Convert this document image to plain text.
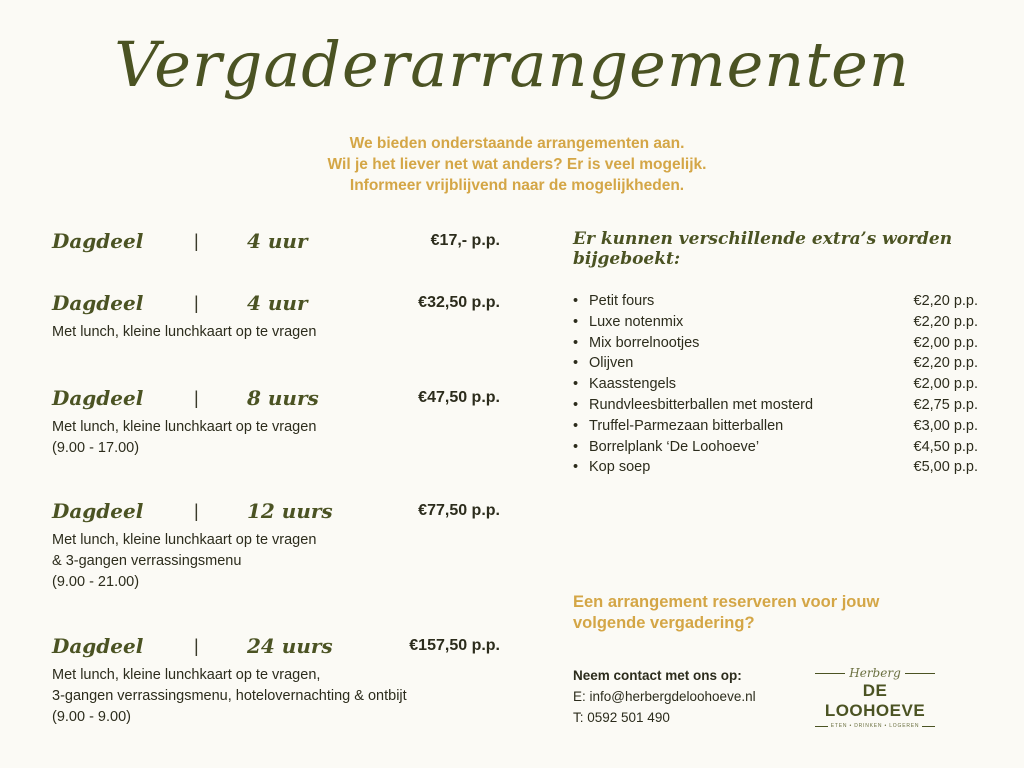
Vergaderarrangementen
We bieden onderstaande arrangementen aan.
Wil je het liever net wat anders? Er is veel mogelijk.
Informeer vrijblijvend naar de mogelijkheden.
Dagdeel	| 4 uur	€17,- p.p.
Dagdeel	| 4 uur	€32,50 p.p.
Met lunch, kleine lunchkaart op te vragen
Dagdeel	| 8 uurs	€47,50 p.p.
Met lunch, kleine lunchkaart op te vragen
(9.00 - 17.00)
Dagdeel	| 12 uurs	€77,50 p.p.
Met lunch, kleine lunchkaart op te vragen
& 3-gangen verrassingsmenu
(9.00 - 21.00)
Dagdeel	| 24 uurs	€157,50 p.p.
Met lunch, kleine lunchkaart op te vragen,
3-gangen verrassingsmenu, hotelovernachting & ontbijt
(9.00 - 9.00)
Er kunnen verschillende extra’s worden bijgeboekt:
• Petit fours	€2,20 p.p.
• Luxe notenmix	€2,20 p.p.
• Mix borrelnootjes	€2,00 p.p.
• Olijven	€2,20 p.p.
• Kaasstengels	€2,00 p.p.
• Rundvleesbitterballen met mosterd	€2,75 p.p.
• Truffel-Parmezaan bitterballen	€3,00 p.p.
• Borrelplank ‘De Loohoeve’	€4,50 p.p.
• Kop soep	€5,00 p.p.
Een arrangement reserveren voor jouw
volgende vergadering?
Neem contact met ons op:
E: info@herbergdeloohoeve.nl
T: 0592 501 490
Herberg
DE LOOHOEVE
ETEN • DRINKEN • LOGEREN
